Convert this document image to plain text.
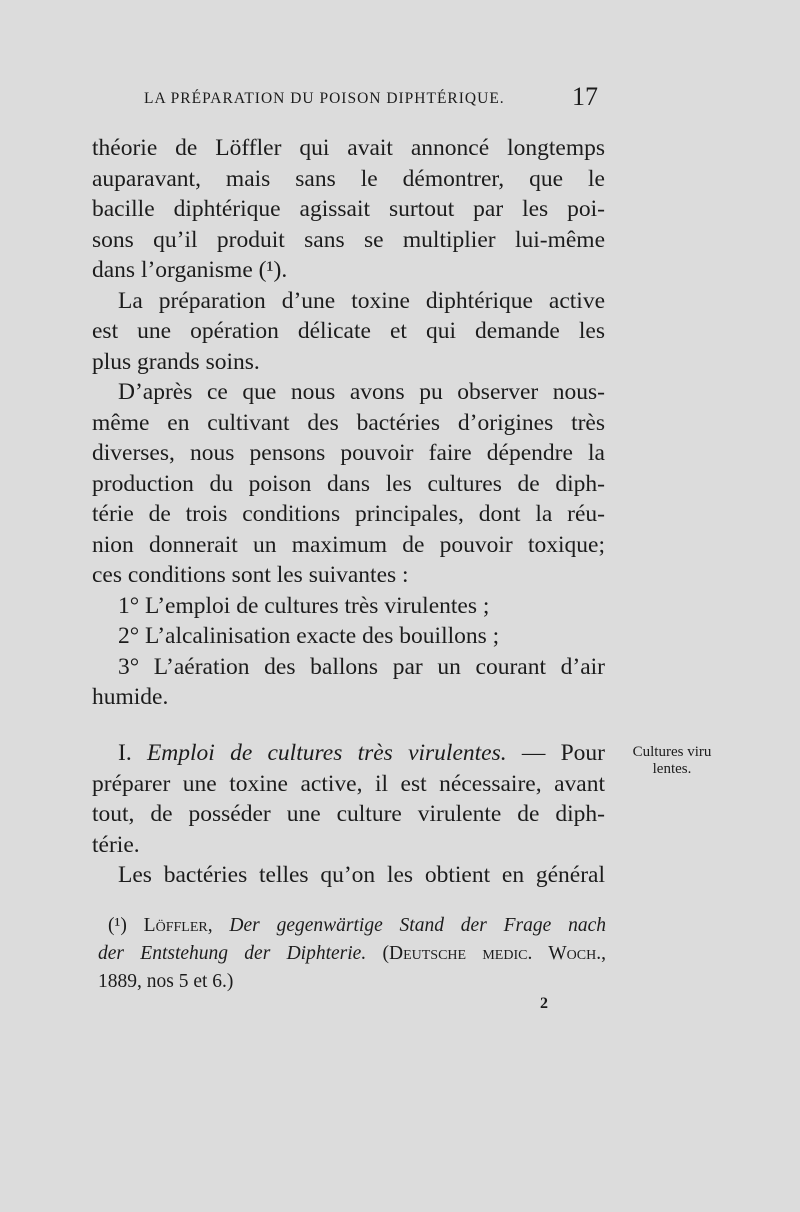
LA PRÉPARATION DU POISON DIPHTÉRIQUE.	17
théorie de Löffler qui avait annoncé longtemps
auparavant, mais sans le démontrer, que le
bacille diphtérique agissait surtout par les poi-
sons qu’il produit sans se multiplier lui-même
dans l’organisme (¹).
La préparation d’une toxine diphtérique active
est une opération délicate et qui demande les
plus grands soins.
D’après ce que nous avons pu observer nous-
même en cultivant des bactéries d’origines très
diverses, nous pensons pouvoir faire dépendre la
production du poison dans les cultures de diph-
térie de trois conditions principales, dont la réu-
nion donnerait un maximum de pouvoir toxique;
ces conditions sont les suivantes :
1° L’emploi de cultures très virulentes ;
2° L’alcalinisation exacte des bouillons ;
3° L’aération des ballons par un courant d’air
humide.
I. Emploi de cultures très virulentes. — Pour
préparer une toxine active, il est nécessaire, avant
tout, de posséder une culture virulente de diph-
térie.
Les bactéries telles qu’on les obtient en général
Cultures viru
lentes.
(¹) Löffler, Der gegenwärtige Stand der Frage nach
der Entstehung der Diphterie. (Deutsche medic. Woch.,
1889, nos 5 et 6.)
2
